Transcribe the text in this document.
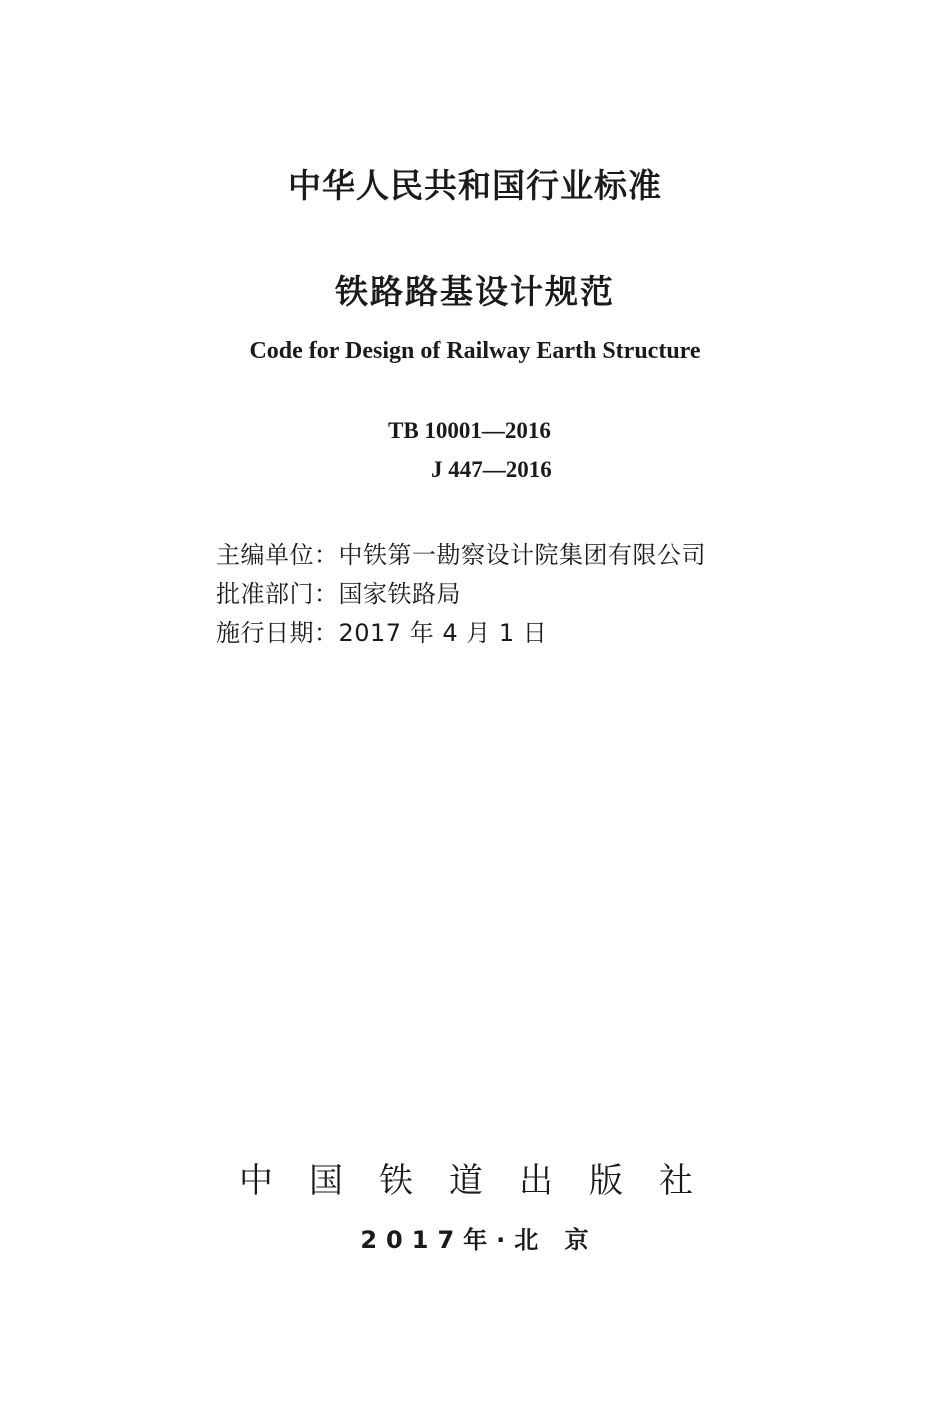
中华人民共和国行业标准
铁路路基设计规范
Code for Design of Railway Earth Structure
TB 10001—2016
J 447—2016
主编单位：中铁第一勘察设计院集团有限公司
批准部门：国家铁路局
施行日期：2017 年 4 月 1 日
中国铁道出版社
2017年·北 京
